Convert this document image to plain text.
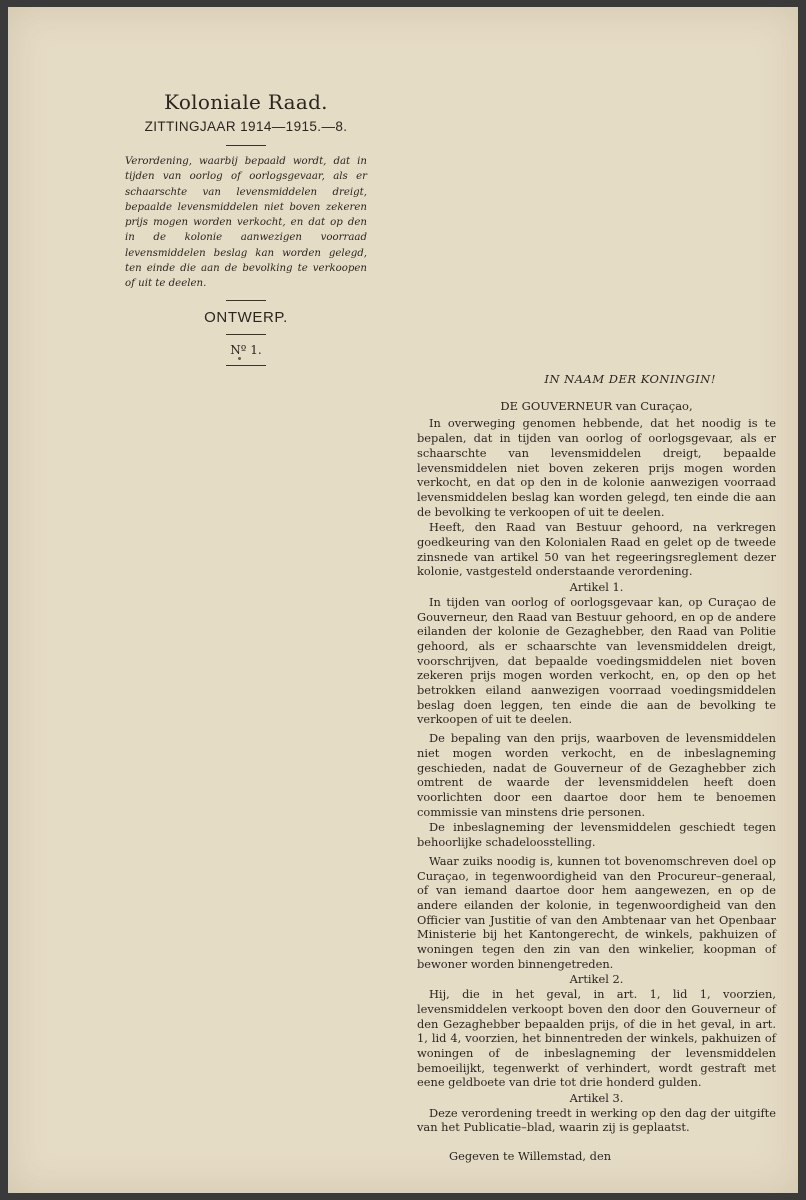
Koloniale Raad.
ZITTINGJAAR 1914—1915.—8.

Verordening, waarbij bepaald wordt, dat in tijden van oorlog of oorlogsgevaar, als er schaarschte van levensmiddelen dreigt, bepaalde levensmiddelen niet boven zekeren prijs mogen worden verkocht, en dat op den in de kolonie aanwezigen voorraad levensmiddelen beslag kan worden gelegd, ten einde die aan de bevolking te verkoopen of uit te deelen.

ONTWERP.
Nº 1.
IN NAAM DER KONINGIN!
DE GOUVERNEUR van Curaçao,

In overweging genomen hebbende, dat het noodig is te bepalen, dat in tijden van oorlog of oorlogsgevaar, als er schaarschte van levensmiddelen dreigt, bepaalde levensmiddelen niet boven zekeren prijs mogen worden verkocht, en dat op den in de kolonie aanwezigen voorraad levensmiddelen beslag kan worden gelegd, ten einde die aan de bevolking te verkoopen of uit te deelen.

Heeft, den Raad van Bestuur gehoord, na verkregen goedkeuring van den Kolonialen Raad en gelet op de tweede zinsnede van artikel 50 van het regeeringsreglement dezer kolonie, vastgesteld onderstaande verordening.

Artikel 1.

In tijden van oorlog of oorlogsgevaar kan, op Curaçao de Gouverneur, den Raad van Bestuur gehoord, en op de andere eilanden der kolonie de Gezaghebber, den Raad van Politie gehoord, als er schaarschte van levensmiddelen dreigt, voorschrijven, dat bepaalde voedingsmiddelen niet boven zekeren prijs mogen worden verkocht, en, op den op het betrokken eiland aanwezigen voorraad voedingsmiddelen beslag doen leggen, ten einde die aan de bevolking te verkoopen of uit te deelen.

De bepaling van den prijs, waarboven de levensmiddelen niet mogen worden verkocht, en de inbeslagneming geschieden, nadat de Gouverneur of de Gezaghebber zich omtrent de waarde der levensmiddelen heeft doen voorlichten door een daartoe door hem te benoemen commissie van minstens drie personen.

De inbeslagneming der levensmiddelen geschiedt tegen behoorlijke schadeloosstelling.

Waar zuiks noodig is, kunnen tot bovenomschreven doel op Curaçao, in tegenwoordigheid van den Procureur–generaal, of van iemand daartoe door hem aangewezen, en op de andere eilanden der kolonie, in tegenwoordigheid van den Officier van Justitie of van den Ambtenaar van het Openbaar Ministerie bij het Kantongerecht, de winkels, pakhuizen of woningen tegen den zin van den winkelier, koopman of bewoner worden binnengetreden.

Artikel 2.

Hij, die in het geval, in art. 1, lid 1, voorzien, levensmiddelen verkoopt boven den door den Gouverneur of den Gezaghebber bepaalden prijs, of die in het geval, in art. 1, lid 4, voorzien, het binnentreden der winkels, pakhuizen of woningen of de inbeslagneming der levensmiddelen bemoeilijkt, tegenwerkt of verhindert, wordt gestraft met eene geldboete van drie tot drie honderd gulden.

Artikel 3.

Deze verordening treedt in werking op den dag der uitgifte van het Publicatie–blad, waarin zij is geplaatst.

Gegeven te Willemstad, den
